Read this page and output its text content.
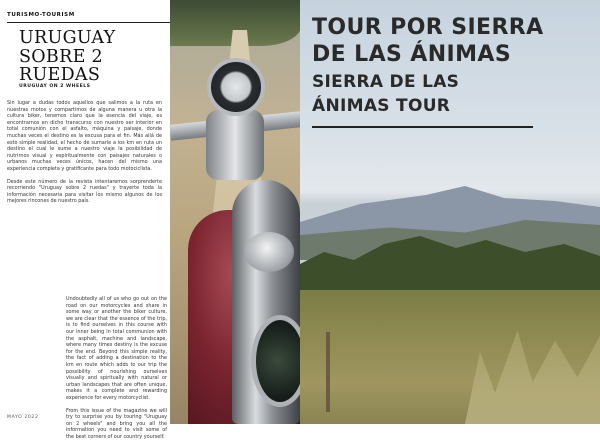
TURISMO-TOURISM
URUGUAY
SOBRE 2
RUEDAS
URUGUAY ON 2 WHEELS

Sin lugar a dudas todos aquellos que salimos a la ruta en nuestras motos y compartimos de alguna manera u otra la cultura biker, tenemos claro que la esencia del viaje, es encontrarnos en dicho transcurso con nuestro ser interior en total comunión con el asfalto, máquina y paisaje, donde muchas veces el destino es la excusa para el fin. Más allá de esto simple realidad, el hecho de sumarle a los km en ruta un destino el cual le sume a nuestro viaje la posibilidad de nutrirnos visual y espiritualmente con paisajes naturales o urbanos muchas veces únicos, hacen del mismo una experiencia completa y gratificante para todo motociclista.

Desde este número de la revista intentaremos sorprenderte recorriendo "Uruguay sobre 2 ruedas" y trayerte toda la información necesaria para visitar los mismo algunos de los mejores rincones de nuestro país.

MAYO 2022

Undoubtedly all of us who go out on the road on our motorcycles and share in some way or another the biker culture, we are clear that the essence of the trip, is to find ourselves in this course with our inner being in total communion with the asphalt, machine and landscape, where many times destiny is the excuse for the end. Beyond this simple reality, the fact of adding a destination to the km en route which adds to our trip the possibility of nourishing ourselves visually and spiritually with natural or urban landscapes that are often unique, makes it a complete and rewarding experience for every motorcyclist.

From this issue of the magazine we will try to surprise you by touring "Uruguay on 2 wheels" and bring you all the information you need to visit some of the best corners of our country yourself.

TOUR POR SIERRA
DE LAS ÁNIMAS
SIERRA DE LAS
ÁNIMAS TOUR
